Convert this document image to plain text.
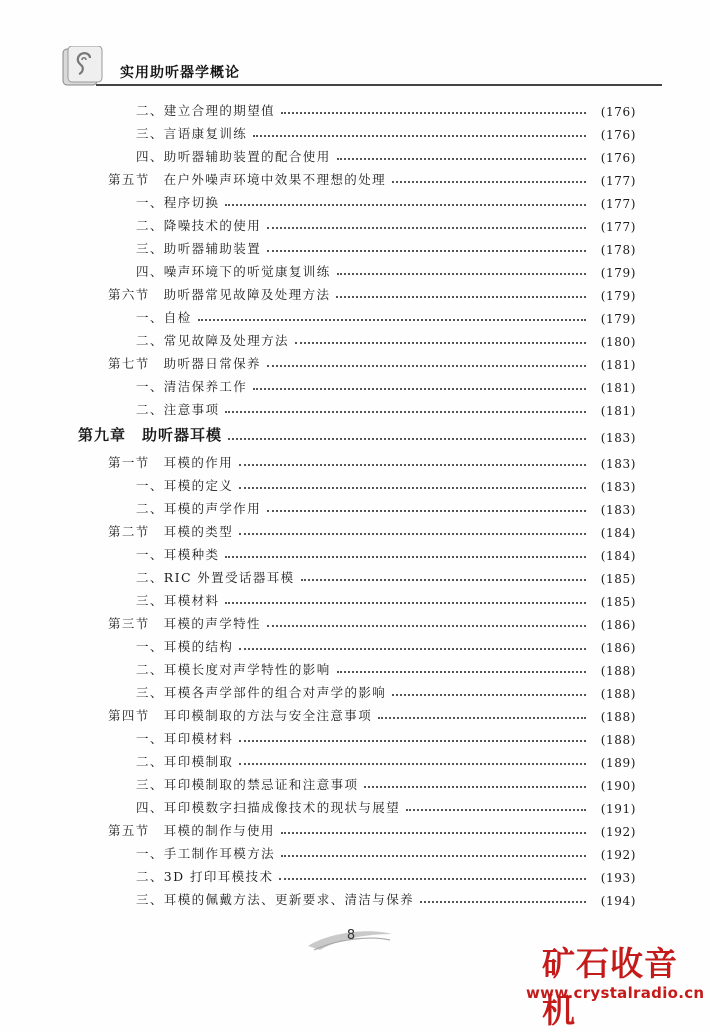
实用助听器学概论
二、建立合理的期望值	(176)
三、言语康复训练	(176)
四、助听器辅助装置的配合使用	(176)
第五节　在户外噪声环境中效果不理想的处理	(177)
一、程序切换	(177)
二、降噪技术的使用	(177)
三、助听器辅助装置	(178)
四、噪声环境下的听觉康复训练	(179)
第六节　助听器常见故障及处理方法	(179)
一、自检	(179)
二、常见故障及处理方法	(180)
第七节　助听器日常保养	(181)
一、清洁保养工作	(181)
二、注意事项	(181)
第九章　助听器耳模	(183)
第一节　耳模的作用	(183)
一、耳模的定义	(183)
二、耳模的声学作用	(183)
第二节　耳模的类型	(184)
一、耳模种类	(184)
二、RIC 外置受话器耳模	(185)
三、耳模材料	(185)
第三节　耳模的声学特性	(186)
一、耳模的结构	(186)
二、耳模长度对声学特性的影响	(188)
三、耳模各声学部件的组合对声学的影响	(188)
第四节　耳印模制取的方法与安全注意事项	(188)
一、耳印模材料	(188)
二、耳印模制取	(189)
三、耳印模制取的禁忌证和注意事项	(190)
四、耳印模数字扫描成像技术的现状与展望	(191)
第五节　耳模的制作与使用	(192)
一、手工制作耳模方法	(192)
二、3D 打印耳模技术	(193)
三、耳模的佩戴方法、更新要求、清洁与保养	(194)
8
矿石收音机
www.crystalradio.cn
